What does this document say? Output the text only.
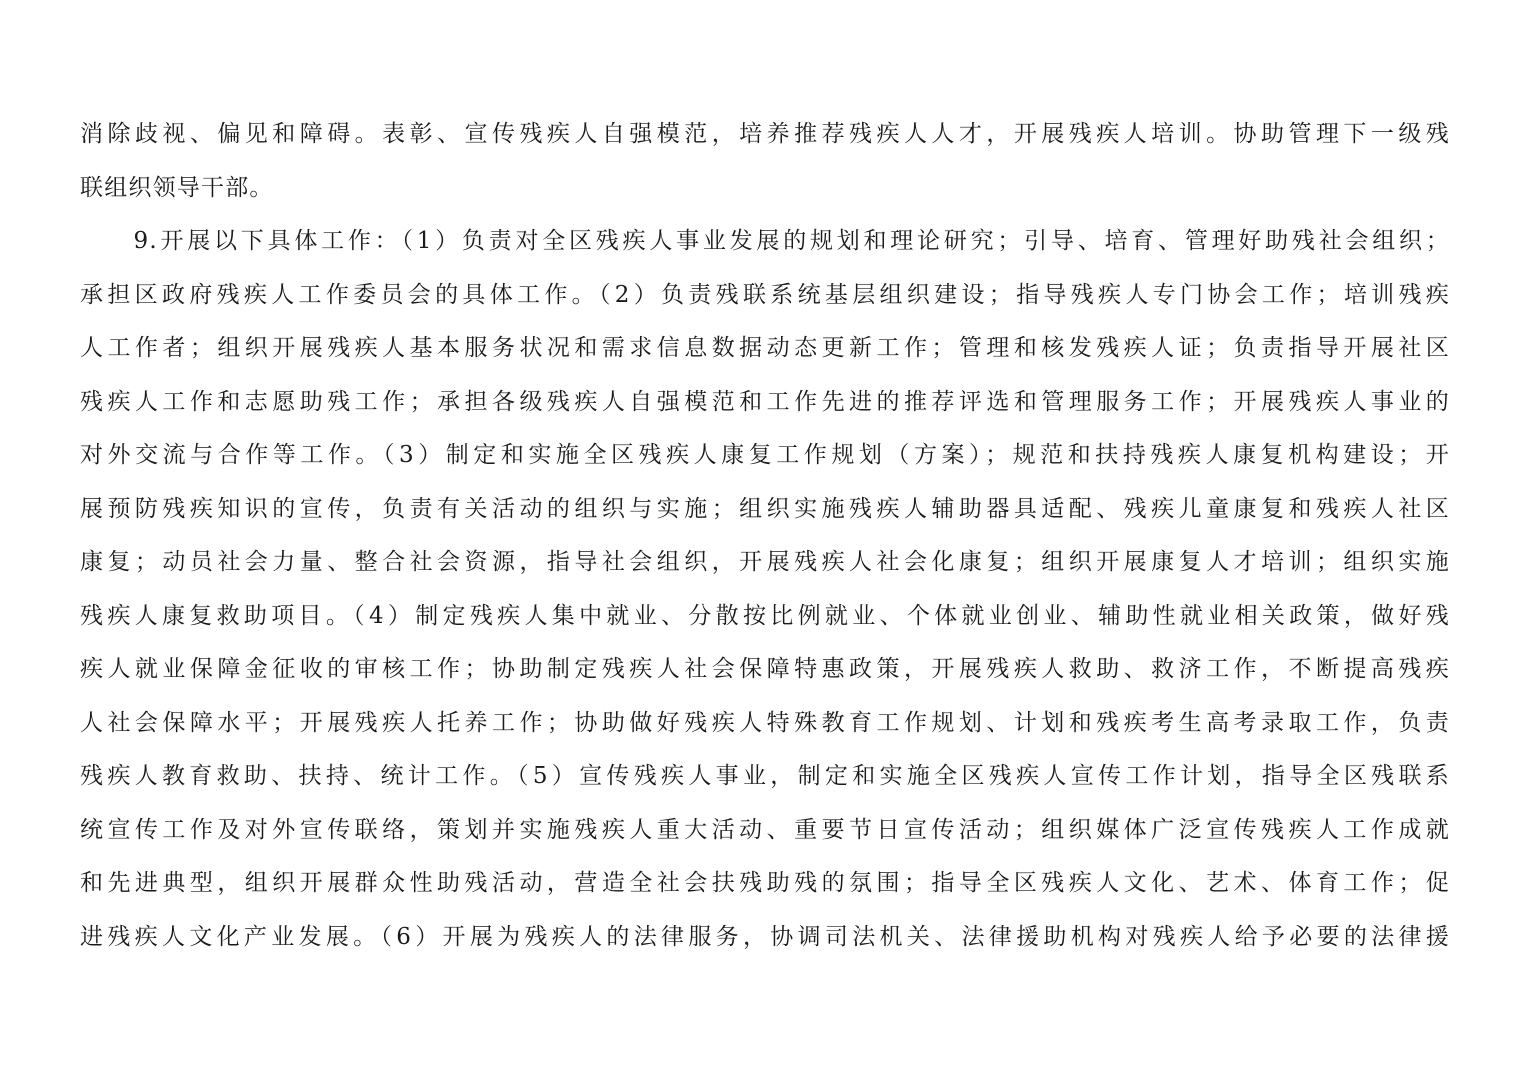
消除歧视、偏见和障碍。表彰、宣传残疾人自强模范，培养推荐残疾人人才，开展残疾人培训。协助管理下一级残
联组织领导干部。
　　9.开展以下具体工作：（1）负责对全区残疾人事业发展的规划和理论研究；引导、培育、管理好助残社会组织；
承担区政府残疾人工作委员会的具体工作。（2）负责残联系统基层组织建设；指导残疾人专门协会工作；培训残疾
人工作者；组织开展残疾人基本服务状况和需求信息数据动态更新工作；管理和核发残疾人证；负责指导开展社区
残疾人工作和志愿助残工作；承担各级残疾人自强模范和工作先进的推荐评选和管理服务工作；开展残疾人事业的
对外交流与合作等工作。（3）制定和实施全区残疾人康复工作规划（方案）；规范和扶持残疾人康复机构建设；开
展预防残疾知识的宣传，负责有关活动的组织与实施；组织实施残疾人辅助器具适配、残疾儿童康复和残疾人社区
康复；动员社会力量、整合社会资源，指导社会组织，开展残疾人社会化康复；组织开展康复人才培训；组织实施
残疾人康复救助项目。（4）制定残疾人集中就业、分散按比例就业、个体就业创业、辅助性就业相关政策，做好残
疾人就业保障金征收的审核工作；协助制定残疾人社会保障特惠政策，开展残疾人救助、救济工作，不断提高残疾
人社会保障水平；开展残疾人托养工作；协助做好残疾人特殊教育工作规划、计划和残疾考生高考录取工作，负责
残疾人教育救助、扶持、统计工作。（5）宣传残疾人事业，制定和实施全区残疾人宣传工作计划，指导全区残联系
统宣传工作及对外宣传联络，策划并实施残疾人重大活动、重要节日宣传活动；组织媒体广泛宣传残疾人工作成就
和先进典型，组织开展群众性助残活动，营造全社会扶残助残的氛围；指导全区残疾人文化、艺术、体育工作；促
进残疾人文化产业发展。（6）开展为残疾人的法律服务，协调司法机关、法律援助机构对残疾人给予必要的法律援
